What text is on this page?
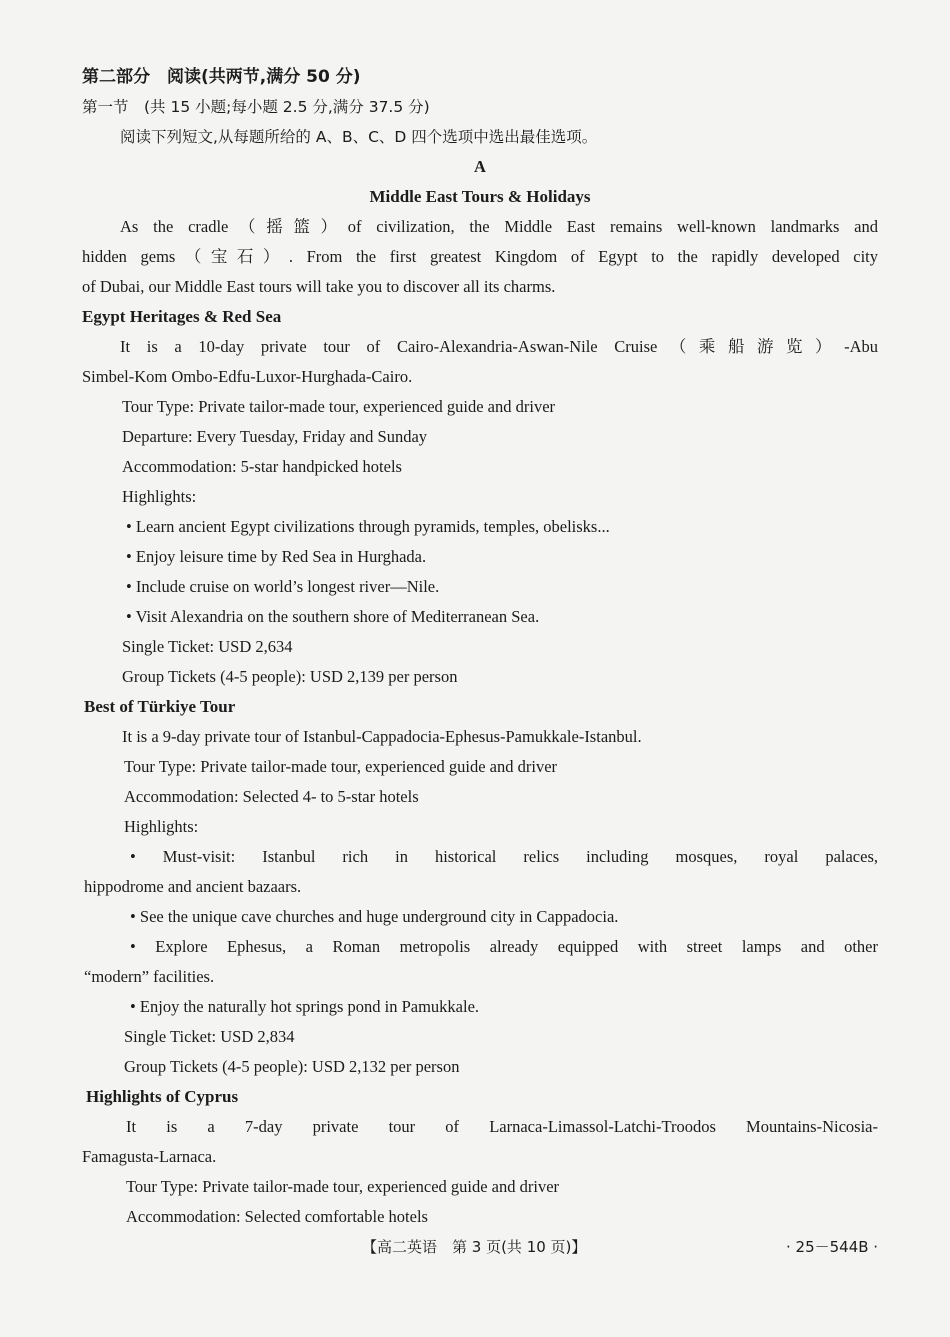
第二部分　阅读(共两节,满分 50 分)
第一节　(共 15 小题;每小题 2.5 分,满分 37.5 分)
阅读下列短文,从每题所给的 A、B、C、D 四个选项中选出最佳选项。
A
Middle East Tours & Holidays
As the cradle（摇篮）of civilization, the Middle East remains well-known landmarks and
hidden gems（宝石）. From the first greatest Kingdom of Egypt to the rapidly developed city
of Dubai, our Middle East tours will take you to discover all its charms.
Egypt Heritages & Red Sea
It is a 10-day private tour of Cairo-Alexandria-Aswan-Nile Cruise（乘船游览）-Abu
Simbel-Kom Ombo-Edfu-Luxor-Hurghada-Cairo.
Tour Type: Private tailor-made tour, experienced guide and driver
Departure: Every Tuesday, Friday and Sunday
Accommodation: 5-star handpicked hotels
Highlights:
• Learn ancient Egypt civilizations through pyramids, temples, obelisks...
• Enjoy leisure time by Red Sea in Hurghada.
• Include cruise on world’s longest river—Nile.
• Visit Alexandria on the southern shore of Mediterranean Sea.
Single Ticket: USD 2,634
Group Tickets (4-5 people): USD 2,139 per person
Best of Türkiye Tour
It is a 9-day private tour of Istanbul-Cappadocia-Ephesus-Pamukkale-Istanbul.
Tour Type: Private tailor-made tour, experienced guide and driver
Accommodation: Selected 4- to 5-star hotels
Highlights:
• Must-visit: Istanbul rich in historical relics including mosques, royal palaces,
hippodrome and ancient bazaars.
• See the unique cave churches and huge underground city in Cappadocia.
• Explore Ephesus, a Roman metropolis already equipped with street lamps and other
“modern” facilities.
• Enjoy the naturally hot springs pond in Pamukkale.
Single Ticket: USD 2,834
Group Tickets (4-5 people): USD 2,132 per person
Highlights of Cyprus
It is a 7-day private tour of Larnaca-Limassol-Latchi-Troodos Mountains-Nicosia-
Famagusta-Larnaca.
Tour Type: Private tailor-made tour, experienced guide and driver
Accommodation: Selected comfortable hotels
【高二英语　第 3 页(共 10 页)】	· 25－544B ·
